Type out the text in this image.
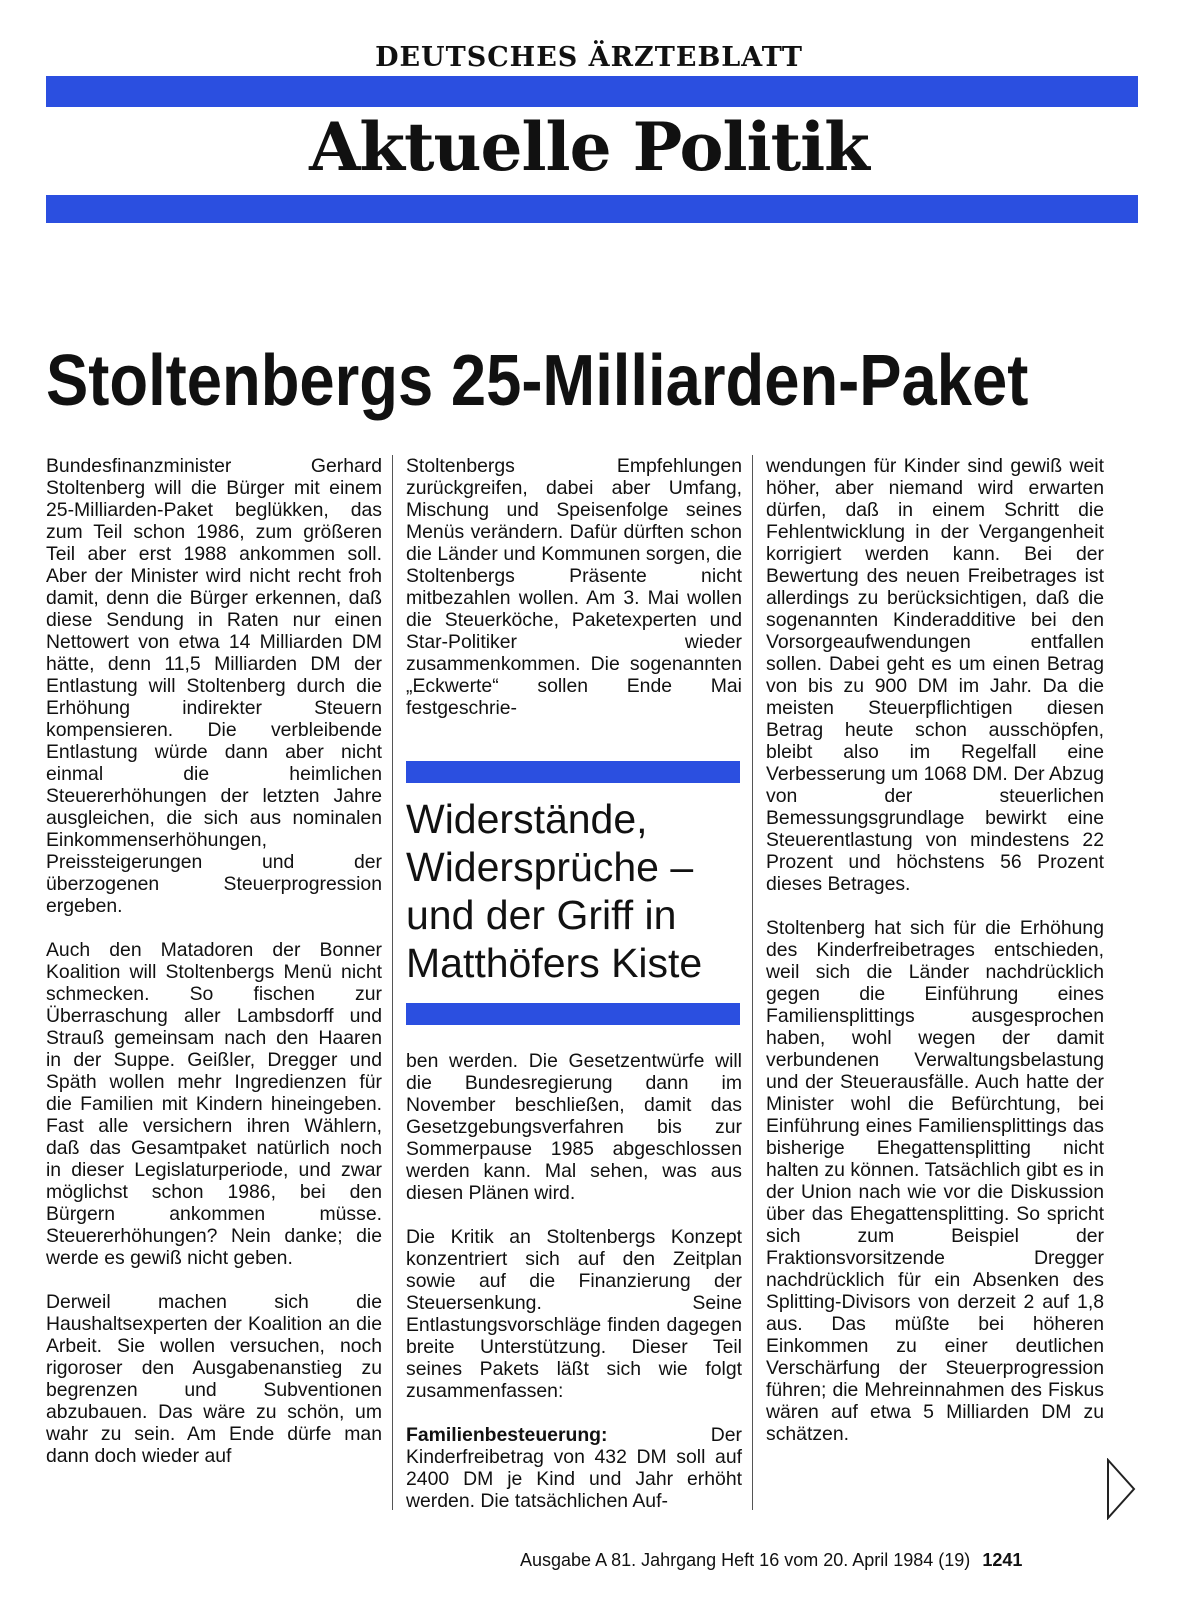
DEUTSCHES ÄRZTEBLATT
Aktuelle Politik
Stoltenbergs 25-Milliarden-Paket

Bundesfinanzminister Gerhard Stoltenberg will die Bürger mit einem 25-Milliarden-Paket beglükken, das zum Teil schon 1986, zum größeren Teil aber erst 1988 ankommen soll. Aber der Minister wird nicht recht froh damit, denn die Bürger erkennen, daß diese Sendung in Raten nur einen Nettowert von etwa 14 Milliarden DM hätte, denn 11,5 Milliarden DM der Entlastung will Stoltenberg durch die Erhöhung indirekter Steuern kompensieren. Die verbleibende Entlastung würde dann aber nicht einmal die heimlichen Steuererhöhungen der letzten Jahre ausgleichen, die sich aus nominalen Einkommenserhöhungen, Preissteigerungen und der überzogenen Steuerprogression ergeben.

Auch den Matadoren der Bonner Koalition will Stoltenbergs Menü nicht schmecken. So fischen zur Überraschung aller Lambsdorff und Strauß gemeinsam nach den Haaren in der Suppe. Geißler, Dregger und Späth wollen mehr Ingredienzen für die Familien mit Kindern hineingeben. Fast alle versichern ihren Wählern, daß das Gesamtpaket natürlich noch in dieser Legislaturperiode, und zwar möglichst schon 1986, bei den Bürgern ankommen müsse. Steuererhöhungen? Nein danke; die werde es gewiß nicht geben.

Derweil machen sich die Haushaltsexperten der Koalition an die Arbeit. Sie wollen versuchen, noch rigoroser den Ausgabenanstieg zu begrenzen und Subventionen abzubauen. Das wäre zu schön, um wahr zu sein. Am Ende dürfe man dann doch wieder auf

Stoltenbergs Empfehlungen zurückgreifen, dabei aber Umfang, Mischung und Speisenfolge seines Menüs verändern. Dafür dürften schon die Länder und Kommunen sorgen, die Stoltenbergs Präsente nicht mitbezahlen wollen. Am 3. Mai wollen die Steuerköche, Paketexperten und Star-Politiker wieder zusammenkommen. Die sogenannten „Eckwerte“ sollen Ende Mai festgeschrie-

Widerstände,
Widersprüche –
und der Griff in
Matthöfers Kiste

ben werden. Die Gesetzentwürfe will die Bundesregierung dann im November beschließen, damit das Gesetzgebungsverfahren bis zur Sommerpause 1985 abgeschlossen werden kann. Mal sehen, was aus diesen Plänen wird.

Die Kritik an Stoltenbergs Konzept konzentriert sich auf den Zeitplan sowie auf die Finanzierung der Steuersenkung. Seine Entlastungsvorschläge finden dagegen breite Unterstützung. Dieser Teil seines Pakets läßt sich wie folgt zusammenfassen:

Familienbesteuerung: Der Kinderfreibetrag von 432 DM soll auf 2400 DM je Kind und Jahr erhöht werden. Die tatsächlichen Auf-

wendungen für Kinder sind gewiß weit höher, aber niemand wird erwarten dürfen, daß in einem Schritt die Fehlentwicklung in der Vergangenheit korrigiert werden kann. Bei der Bewertung des neuen Freibetrages ist allerdings zu berücksichtigen, daß die sogenannten Kinderadditive bei den Vorsorgeaufwendungen entfallen sollen. Dabei geht es um einen Betrag von bis zu 900 DM im Jahr. Da die meisten Steuerpflichtigen diesen Betrag heute schon ausschöpfen, bleibt also im Regelfall eine Verbesserung um 1068 DM. Der Abzug von der steuerlichen Bemessungsgrundlage bewirkt eine Steuerentlastung von mindestens 22 Prozent und höchstens 56 Prozent dieses Betrages.

Stoltenberg hat sich für die Erhöhung des Kinderfreibetrages entschieden, weil sich die Länder nachdrücklich gegen die Einführung eines Familiensplittings ausgesprochen haben, wohl wegen der damit verbundenen Verwaltungsbelastung und der Steuerausfälle. Auch hatte der Minister wohl die Befürchtung, bei Einführung eines Familiensplittings das bisherige Ehegattensplitting nicht halten zu können. Tatsächlich gibt es in der Union nach wie vor die Diskussion über das Ehegattensplitting. So spricht sich zum Beispiel der Fraktionsvorsitzende Dregger nachdrücklich für ein Absenken des Splitting-Divisors von derzeit 2 auf 1,8 aus. Das müßte bei höheren Einkommen zu einer deutlichen Verschärfung der Steuerprogression führen; die Mehreinnahmen des Fiskus wären auf etwa 5 Milliarden DM zu schätzen.

Ausgabe A 81. Jahrgang Heft 16 vom 20. April 1984 (19) 1241
